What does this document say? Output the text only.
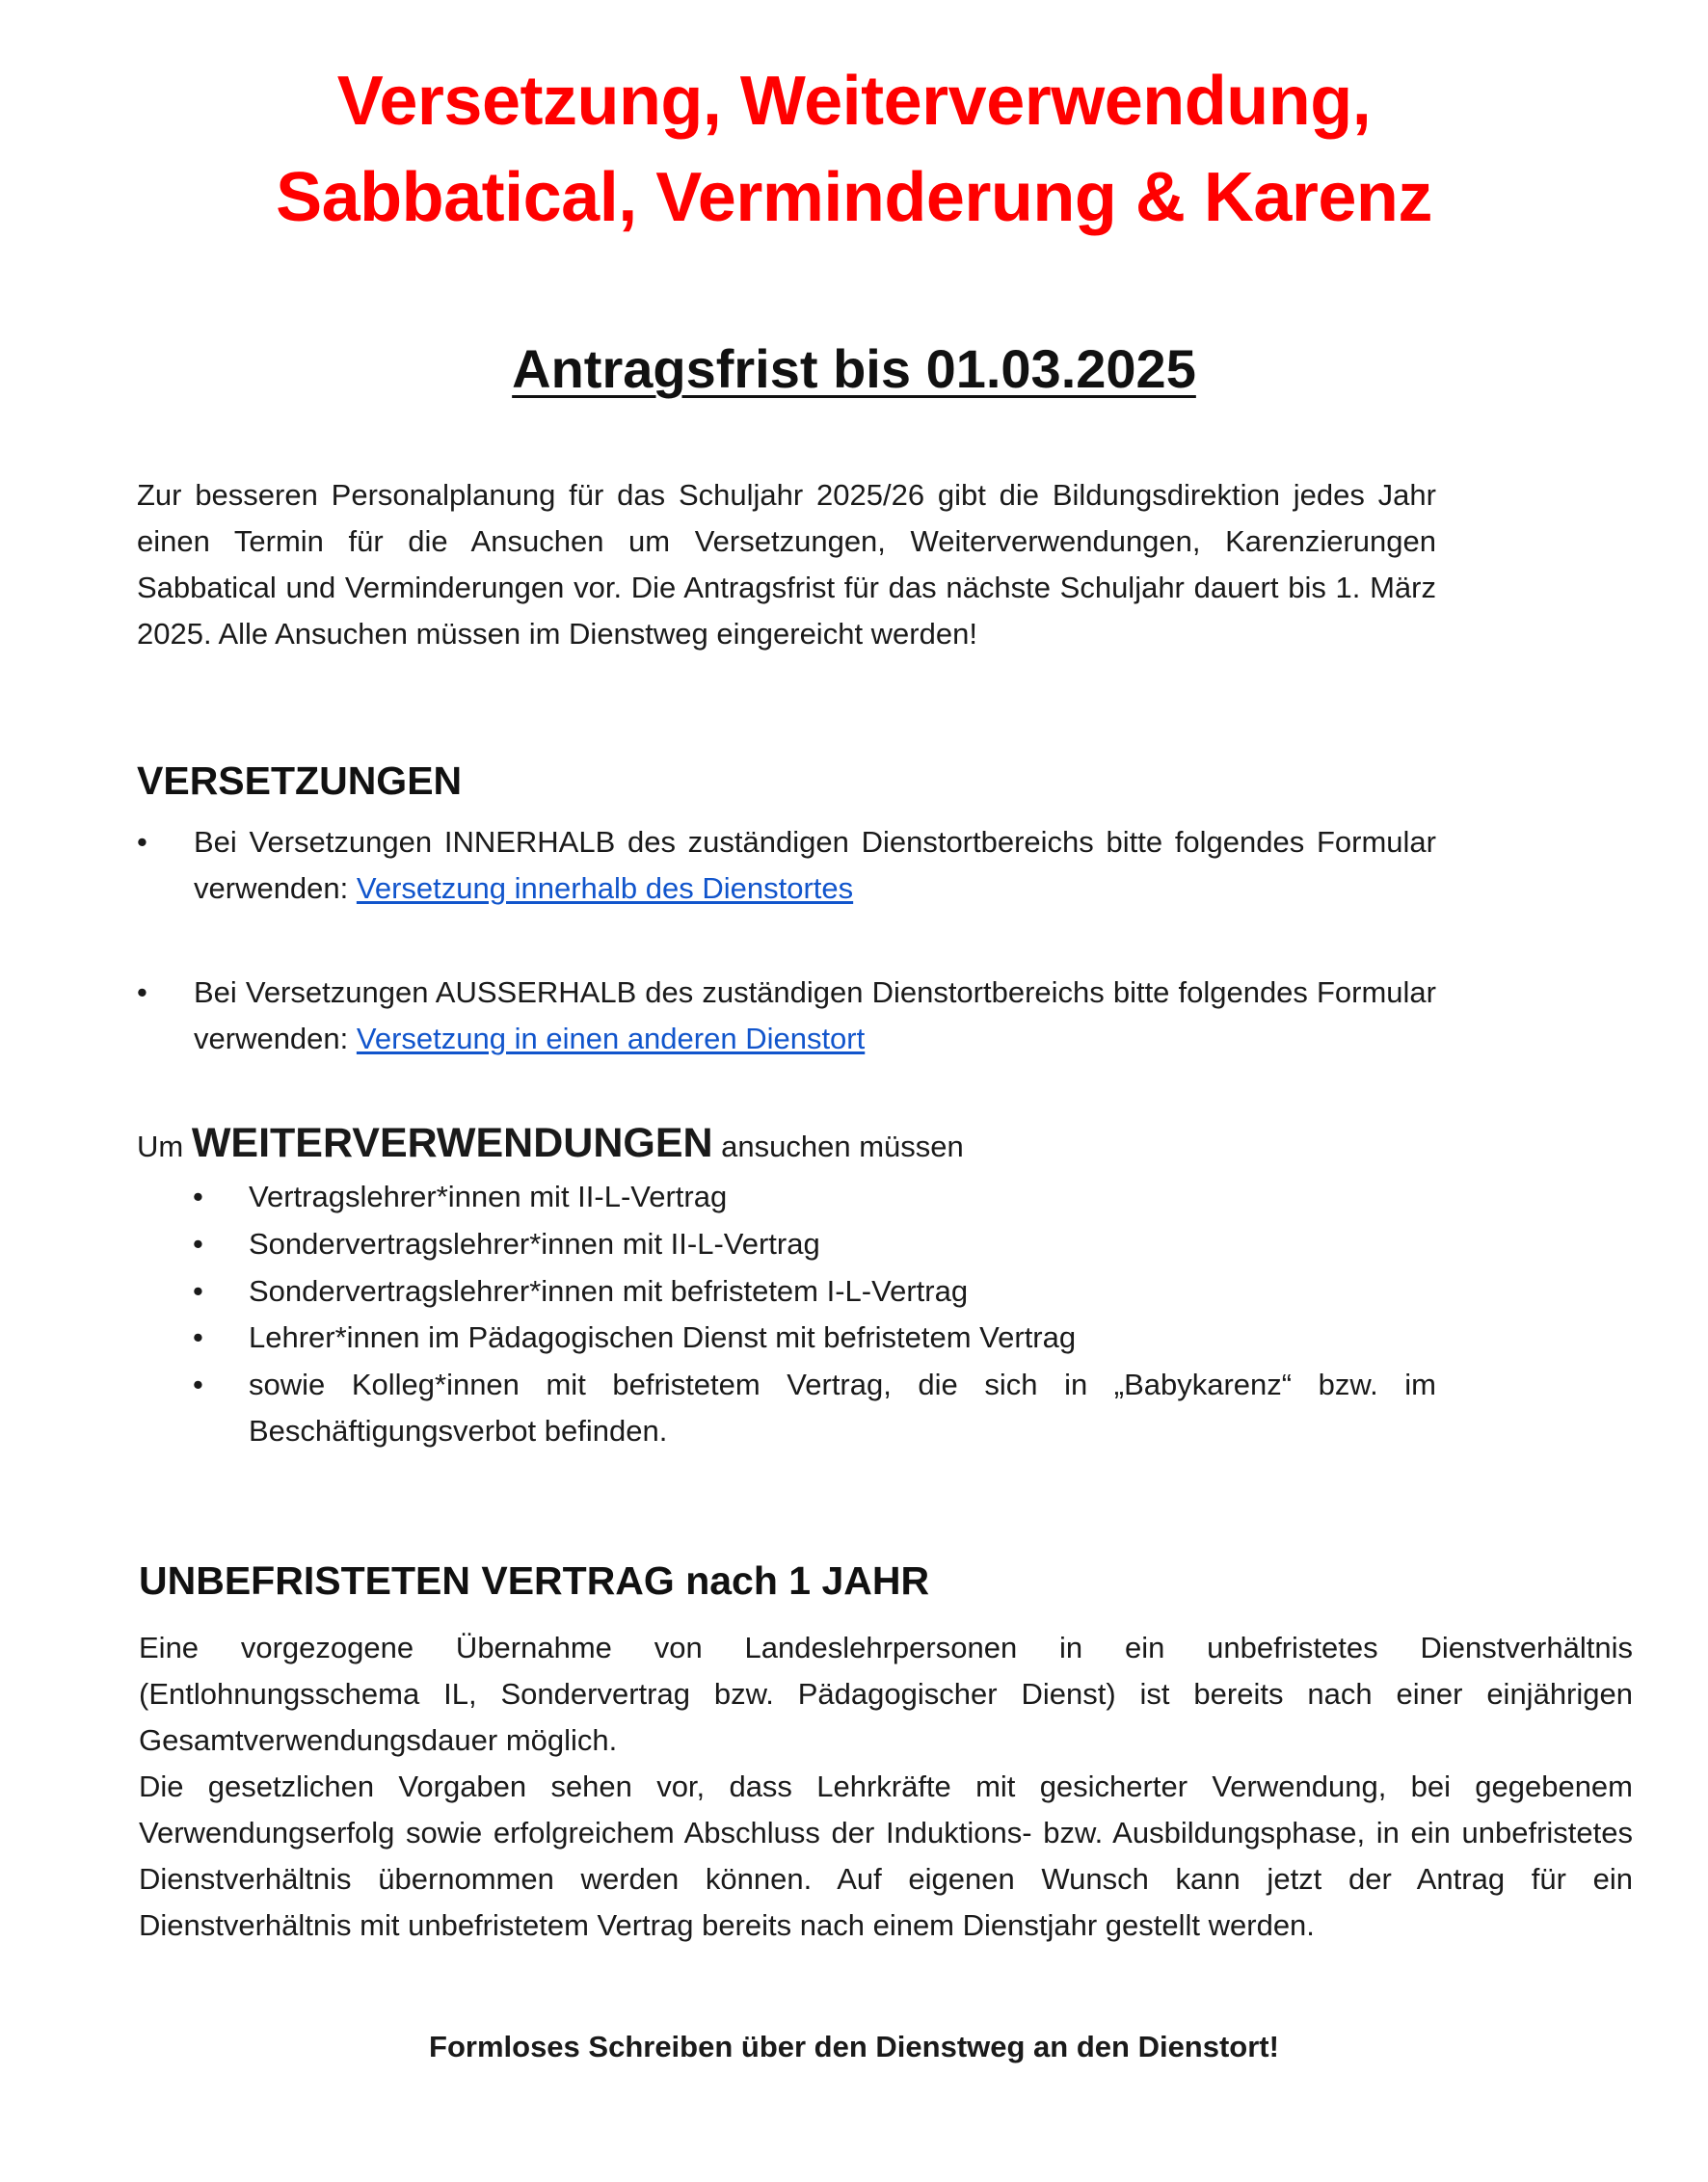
Versetzung, Weiterverwendung,
Sabbatical, Verminderung & Karenz
Antragsfrist bis 01.03.2025
Zur besseren Personalplanung für das Schuljahr 2025/26 gibt die Bildungsdirektion jedes Jahr einen Termin für die Ansuchen um Versetzungen, Weiterverwendungen, Karenzierungen Sabbatical und Verminderungen vor. Die Antragsfrist für das nächste Schuljahr dauert bis 1. März 2025. Alle Ansuchen müssen im Dienstweg eingereicht werden!
VERSETZUNGEN
•	Bei Versetzungen INNERHALB des zuständigen Dienstortbereichs bitte folgendes Formular verwenden: Versetzung innerhalb des Dienstortes
•	Bei Versetzungen AUSSERHALB des zuständigen Dienstortbereichs bitte folgendes Formular verwenden: Versetzung in einen anderen Dienstort
Um WEITERVERWENDUNGEN ansuchen müssen
• Vertragslehrer*innen mit II-L-Vertrag
• Sondervertragslehrer*innen mit II-L-Vertrag
• Sondervertragslehrer*innen mit befristetem I-L-Vertrag
• Lehrer*innen im Pädagogischen Dienst mit befristetem Vertrag
• sowie Kolleg*innen mit befristetem Vertrag, die sich in „Babykarenz“ bzw. im Beschäftigungsverbot befinden.
UNBEFRISTETEN VERTRAG nach 1 JAHR
Eine vorgezogene Übernahme von Landeslehrpersonen in ein unbefristetes Dienstverhältnis (Entlohnungsschema IL, Sondervertrag bzw. Pädagogischer Dienst) ist bereits nach einer einjährigen Gesamtverwendungsdauer möglich.
Die gesetzlichen Vorgaben sehen vor, dass Lehrkräfte mit gesicherter Verwendung, bei gegebenem Verwendungserfolg sowie erfolgreichem Abschluss der Induktions- bzw. Ausbildungsphase, in ein unbefristetes Dienstverhältnis übernommen werden können. Auf eigenen Wunsch kann jetzt der Antrag für ein Dienstverhältnis mit unbefristetem Vertrag bereits nach einem Dienstjahr gestellt werden.
Formloses Schreiben über den Dienstweg an den Dienstort!
